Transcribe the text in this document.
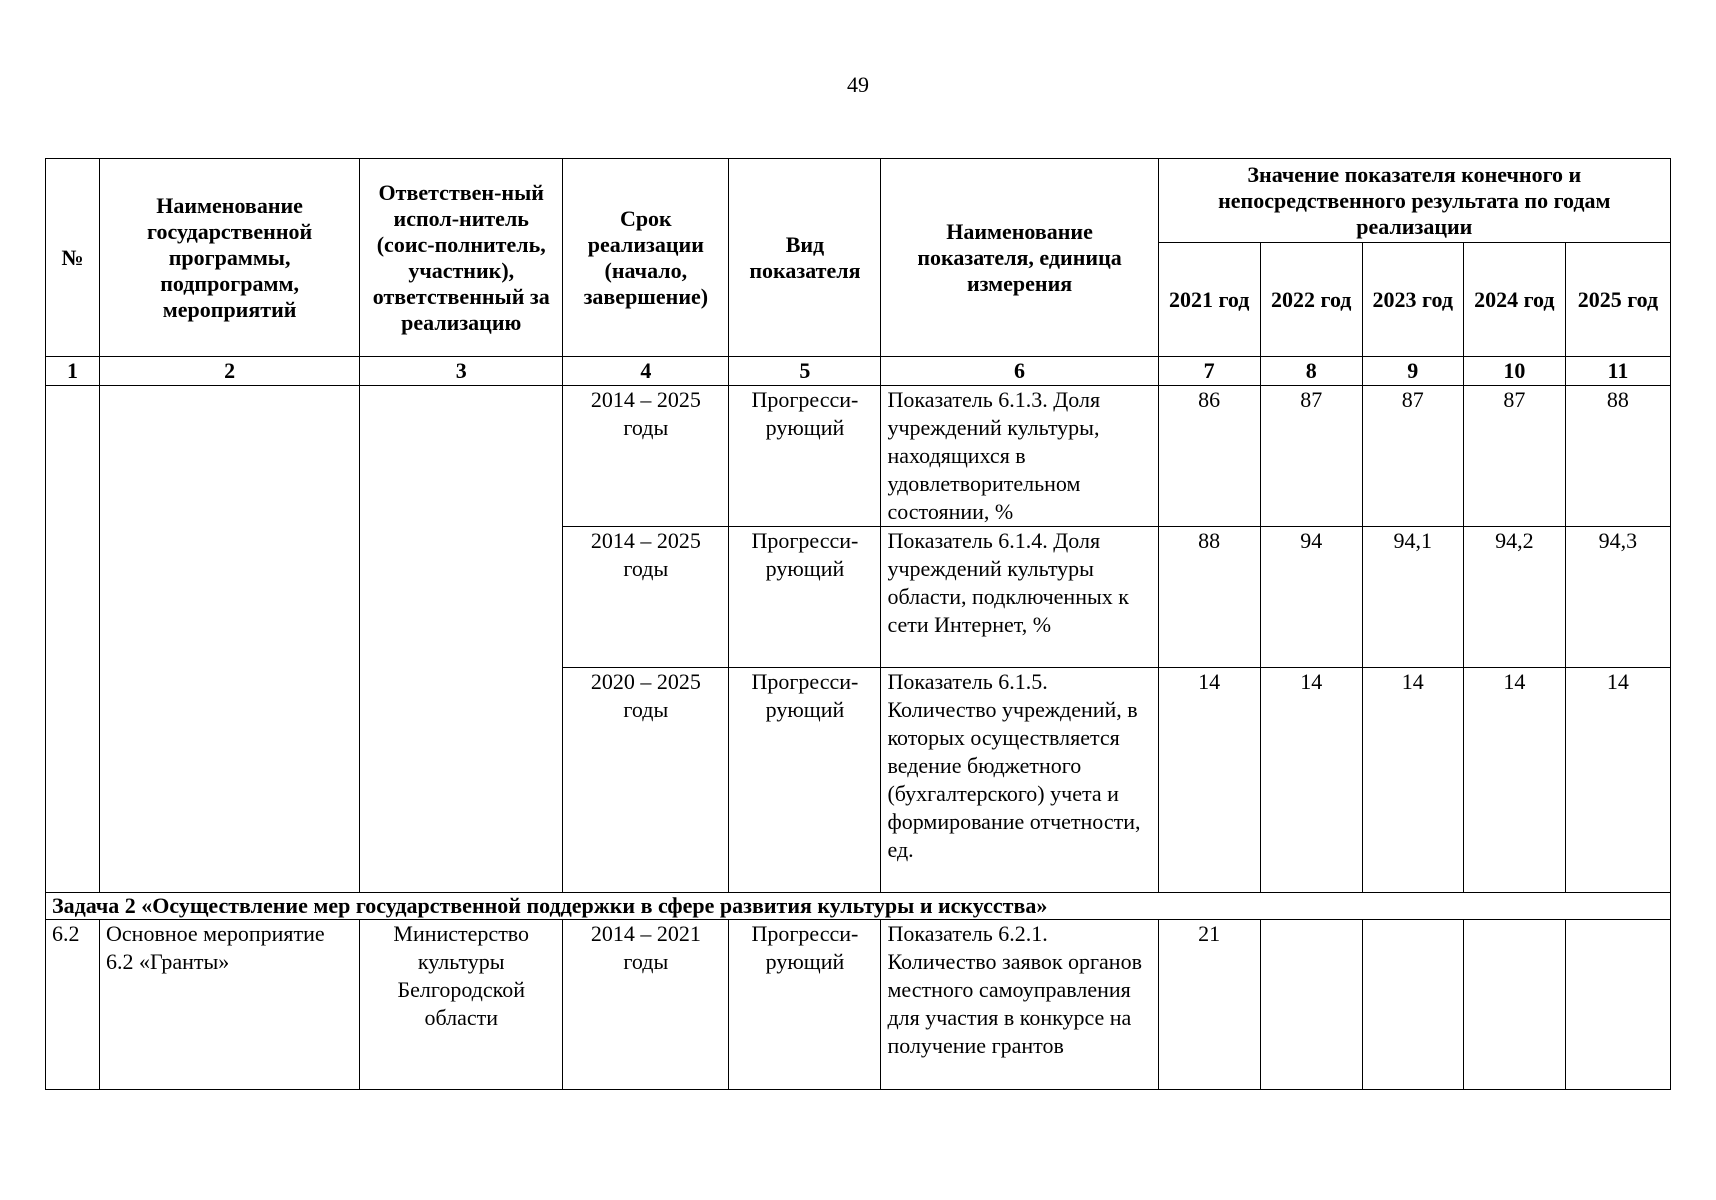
49
№	Наименование государственной программы, подпрограмм, мероприятий	Ответствен-ный испол-нитель (соис-полнитель, участник), ответственный за реализацию	Срок реализации (начало, завершение)	Вид показателя	Наименование показателя, единица измерения	Значение показателя конечного и непосредственного результата по годам реализации				
						2021 год	2022 год	2023 год	2024 год	2025 год
1	2	3	4	5	6	7	8	9	10	11
			2014 – 2025 годы	Прогресси-рующий	Показатель 6.1.3. Доля учреждений культуры, находящихся в удовлетворительном состоянии, %	86	87	87	87	88
			2014 – 2025 годы	Прогресси-рующий	Показатель 6.1.4. Доля учреждений культуры области, подключенных к сети Интернет, %	88	94	94,1	94,2	94,3
			2020 – 2025 годы	Прогресси-рующий	Показатель 6.1.5. Количество учреждений, в которых осуществляется ведение бюджетного (бухгалтерского) учета и формирование отчетности, ед.	14	14	14	14	14
Задача 2 «Осуществление мер государственной поддержки в сфере развития культуры и искусства»										
6.2	Основное мероприятие 6.2 «Гранты»	Министерство культуры Белгородской области	2014 – 2021 годы	Прогресси-рующий	Показатель 6.2.1. Количество заявок органов местного самоуправления для участия в конкурсе на получение грантов	21				
